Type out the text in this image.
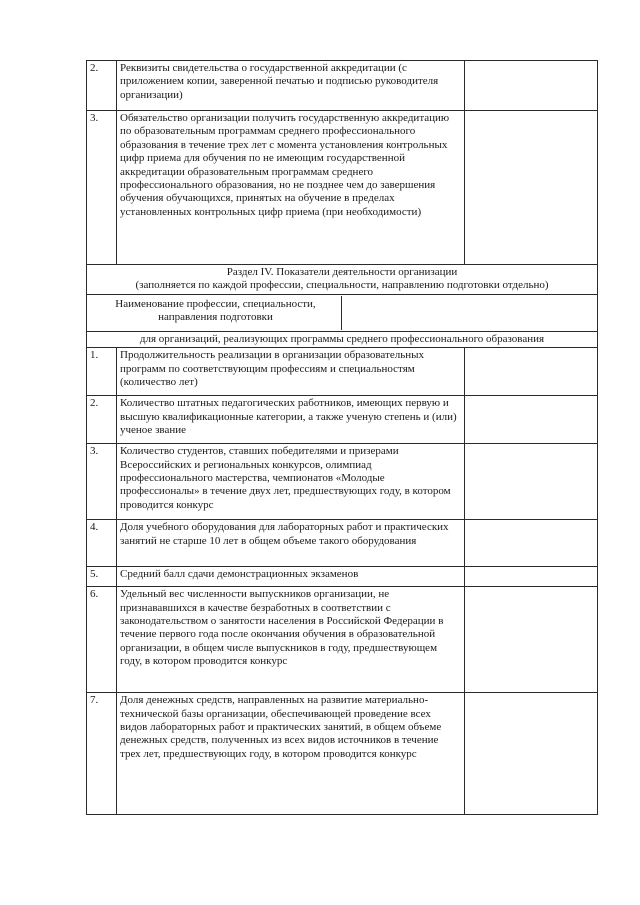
2.	Реквизиты свидетельства о государственной аккредитации (с приложением копии, заверенной печатью и подписью руководителя организации)	
3.	Обязательство организации получить государственную аккредитацию по образовательным программам среднего профессионального образования в течение трех лет с момента установления контрольных цифр приема для обучения по не имеющим государственной аккредитации образовательным программам среднего профессионального образования, но не позднее чем до завершения обучения обучающихся, принятых на обучение в пределах установленных контрольных цифр приема (при необходимости)	

Раздел IV. Показатели деятельности организации
(заполняется по каждой профессии, специальности, направлению подготовки отдельно)		

Наименование профессии, специальности, направления подготовки		

для организаций, реализующих программы среднего профессионального образования		
1.	Продолжительность реализации в организации образовательных программ по соответствующим профессиям и специальностям (количество лет)	
2.	Количество штатных педагогических работников, имеющих первую и высшую квалификационные категории, а также ученую степень и (или) ученое звание	
3.	Количество студентов, ставших победителями и призерами Всероссийских и региональных конкурсов, олимпиад профессионального мастерства, чемпионатов «Молодые профессионалы» в течение двух лет, предшествующих году, в котором проводится конкурс	
4.	Доля учебного оборудования для лабораторных работ и практических занятий не старше 10 лет в общем объеме такого оборудования	
5.	Средний балл сдачи демонстрационных экзаменов	
6.	Удельный вес численности выпускников организации, не признававшихся в качестве безработных в соответствии с законодательством о занятости населения в Российской Федерации в течение первого года после окончания обучения в образовательной организации, в общем числе выпускников в году, предшествующем году, в котором проводится конкурс	
7.	Доля денежных средств, направленных на развитие материально-технической базы организации, обеспечивающей проведение всех видов лабораторных работ и практических занятий, в общем объеме денежных средств, полученных из всех видов источников в течение трех лет, предшествующих году, в котором проводится конкурс	
